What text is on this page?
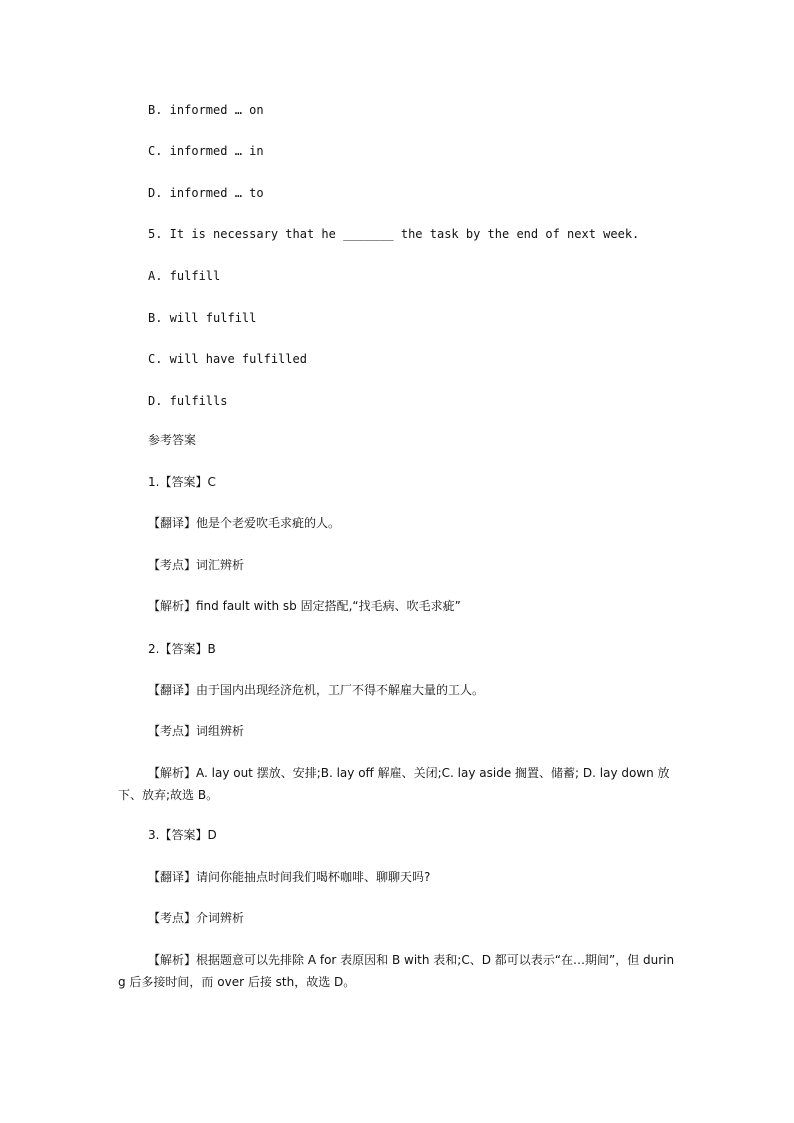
B. informed … on
C. informed … in
D. informed … to
5. It is necessary that he _______ the task by the end of next week.
A. fulfill
B. will fulfill
C. will have fulfilled
D. fulfills
参考答案
1.【答案】C
【翻译】他是个老爱吹毛求疵的人。
【考点】词汇辨析
【解析】find fault with sb 固定搭配,“找毛病、吹毛求疵”
2.【答案】B
【翻译】由于国内出现经济危机，工厂不得不解雇大量的工人。
【考点】词组辨析
【解析】A. lay out 摆放、安排;B. lay off 解雇、关闭;C. lay aside 搁置、储蓄; D. lay down 放下、放弃;故选 B。
3.【答案】D
【翻译】请问你能抽点时间我们喝杯咖啡、聊聊天吗?
【考点】介词辨析
【解析】根据题意可以先排除 A for 表原因和 B with 表和;C、D 都可以表示“在…期间”，但 during 后多接时间，而 over 后接 sth，故选 D。
